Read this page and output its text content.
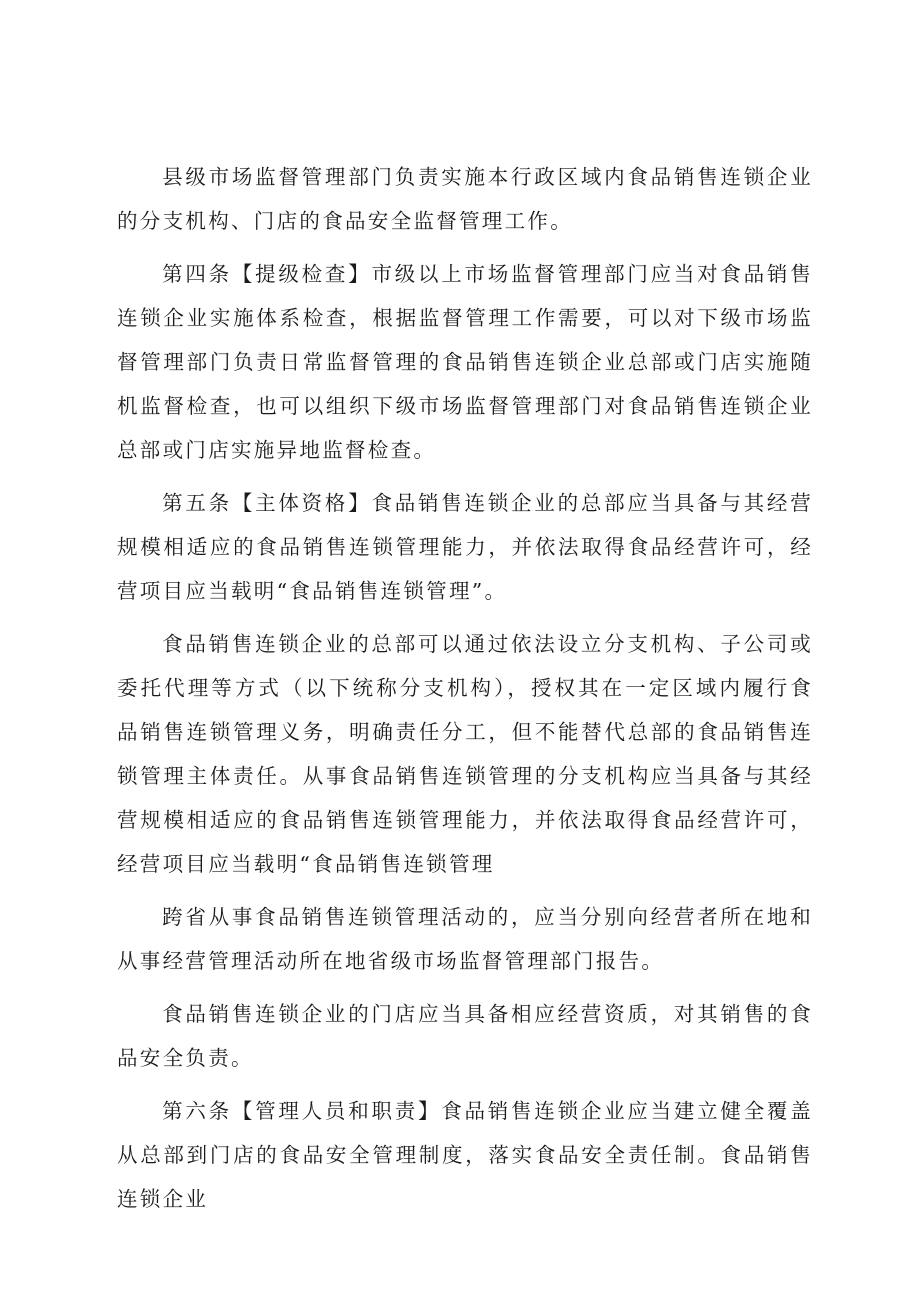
县级市场监督管理部门负责实施本行政区域内食品销售连锁企业的分支机构、门店的食品安全监督管理工作。

第四条【提级检查】市级以上市场监督管理部门应当对食品销售连锁企业实施体系检查，根据监督管理工作需要，可以对下级市场监督管理部门负责日常监督管理的食品销售连锁企业总部或门店实施随机监督检查，也可以组织下级市场监督管理部门对食品销售连锁企业总部或门店实施异地监督检查。

第五条【主体资格】食品销售连锁企业的总部应当具备与其经营规模相适应的食品销售连锁管理能力，并依法取得食品经营许可，经营项目应当载明“食品销售连锁管理”。

食品销售连锁企业的总部可以通过依法设立分支机构、子公司或委托代理等方式（以下统称分支机构），授权其在一定区域内履行食品销售连锁管理义务，明确责任分工，但不能替代总部的食品销售连锁管理主体责任。从事食品销售连锁管理的分支机构应当具备与其经营规模相适应的食品销售连锁管理能力，并依法取得食品经营许可，经营项目应当载明“食品销售连锁管理

跨省从事食品销售连锁管理活动的，应当分别向经营者所在地和从事经营管理活动所在地省级市场监督管理部门报告。

食品销售连锁企业的门店应当具备相应经营资质，对其销售的食品安全负责。

第六条【管理人员和职责】食品销售连锁企业应当建立健全覆盖从总部到门店的食品安全管理制度，落实食品安全责任制。食品销售连锁企业
